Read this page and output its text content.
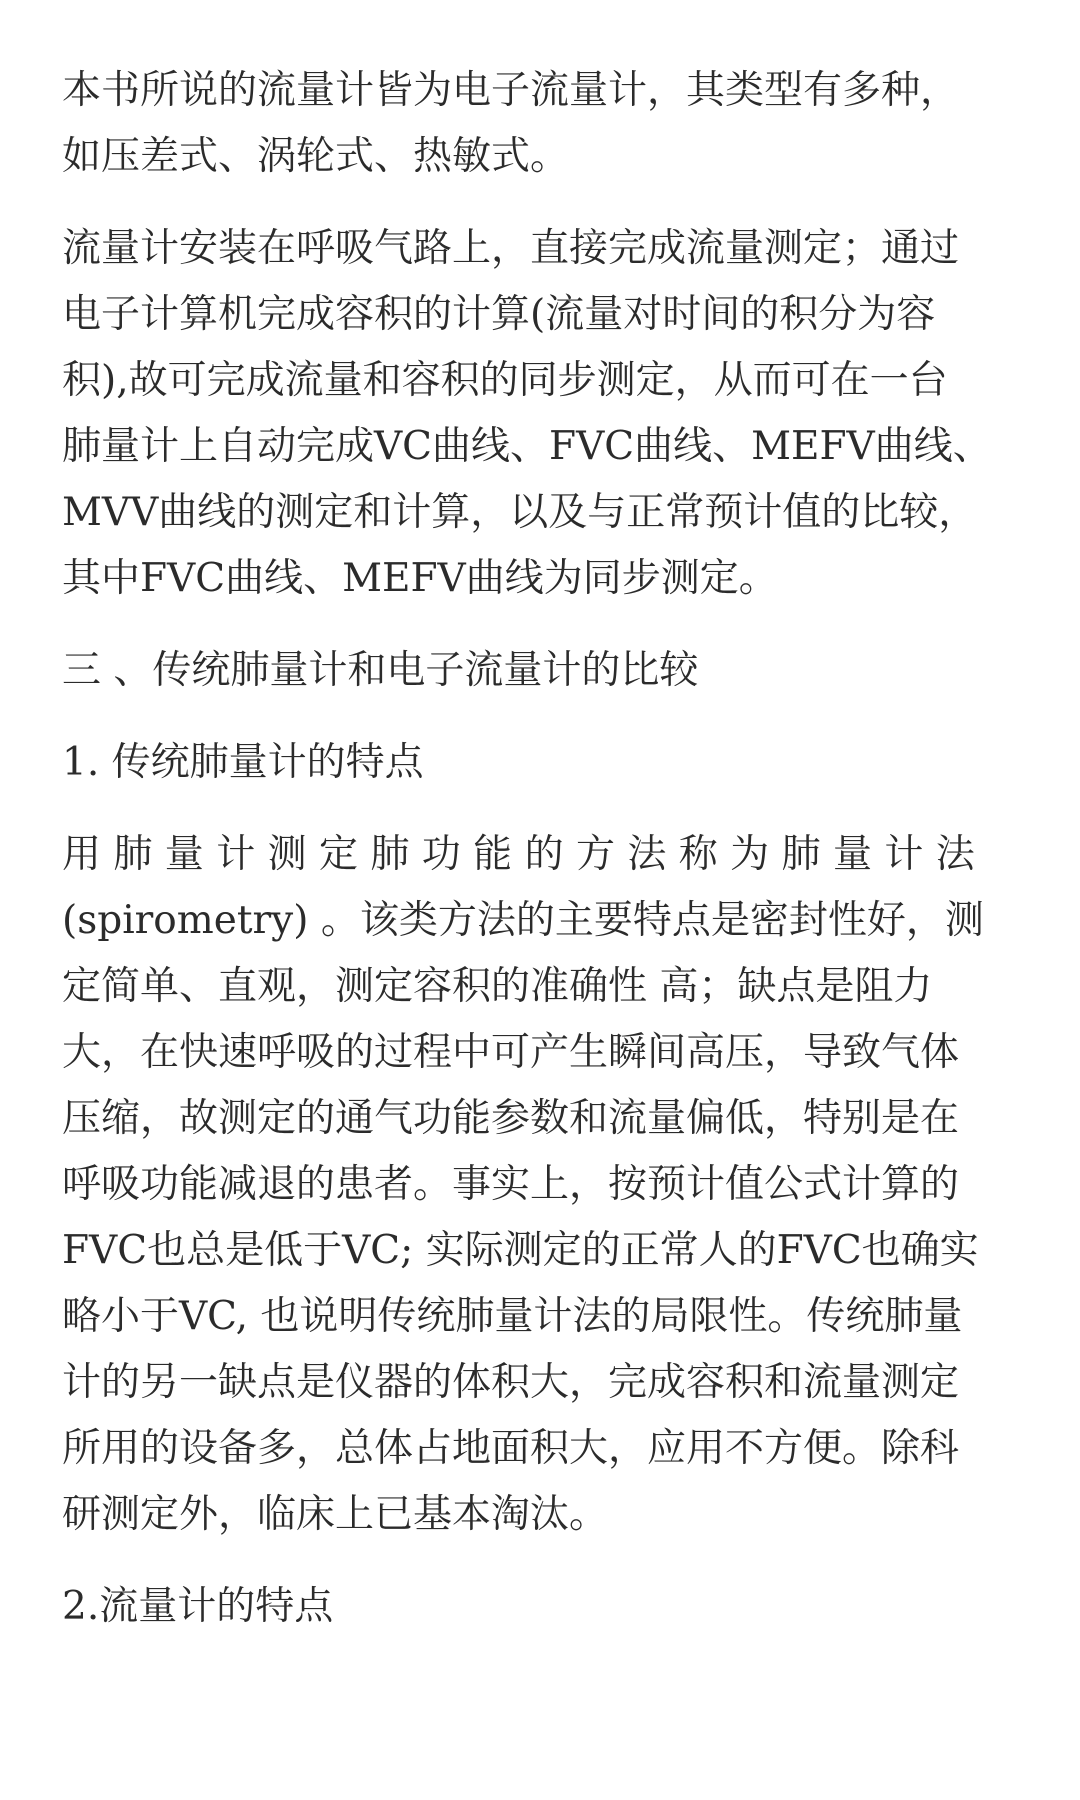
本书所说的流量计皆为电子流量计，其类型有多种，
如压差式、涡轮式、热敏式。
流量计安装在呼吸气路上，直接完成流量测定；通过
电子计算机完成容积的计算(流量对时间的积分为容
积),故可完成流量和容积的同步测定，从而可在一台
肺量计上自动完成VC曲线、FVC曲线、MEFV曲线、
MVV曲线的测定和计算，以及与正常预计值的比较，
其中FVC曲线、MEFV曲线为同步测定。
三 、传统肺量计和电子流量计的比较
1. 传统肺量计的特点
用 肺 量 计 测 定 肺 功 能 的 方 法 称 为 肺 量 计 法
(spirometry) 。该类方法的主要特点是密封性好，测
定简单、直观，测定容积的准确性 高；缺点是阻力
大，在快速呼吸的过程中可产生瞬间高压，导致气体
压缩，故测定的通气功能参数和流量偏低，特别是在
呼吸功能减退的患者。事实上，按预计值公式计算的
FVC也总是低于VC; 实际测定的正常人的FVC也确实
略小于VC, 也说明传统肺量计法的局限性。传统肺量
计的另一缺点是仪器的体积大，完成容积和流量测定
所用的设备多，总体占地面积大，应用不方便。除科
研测定外，临床上已基本淘汰。
2.流量计的特点
